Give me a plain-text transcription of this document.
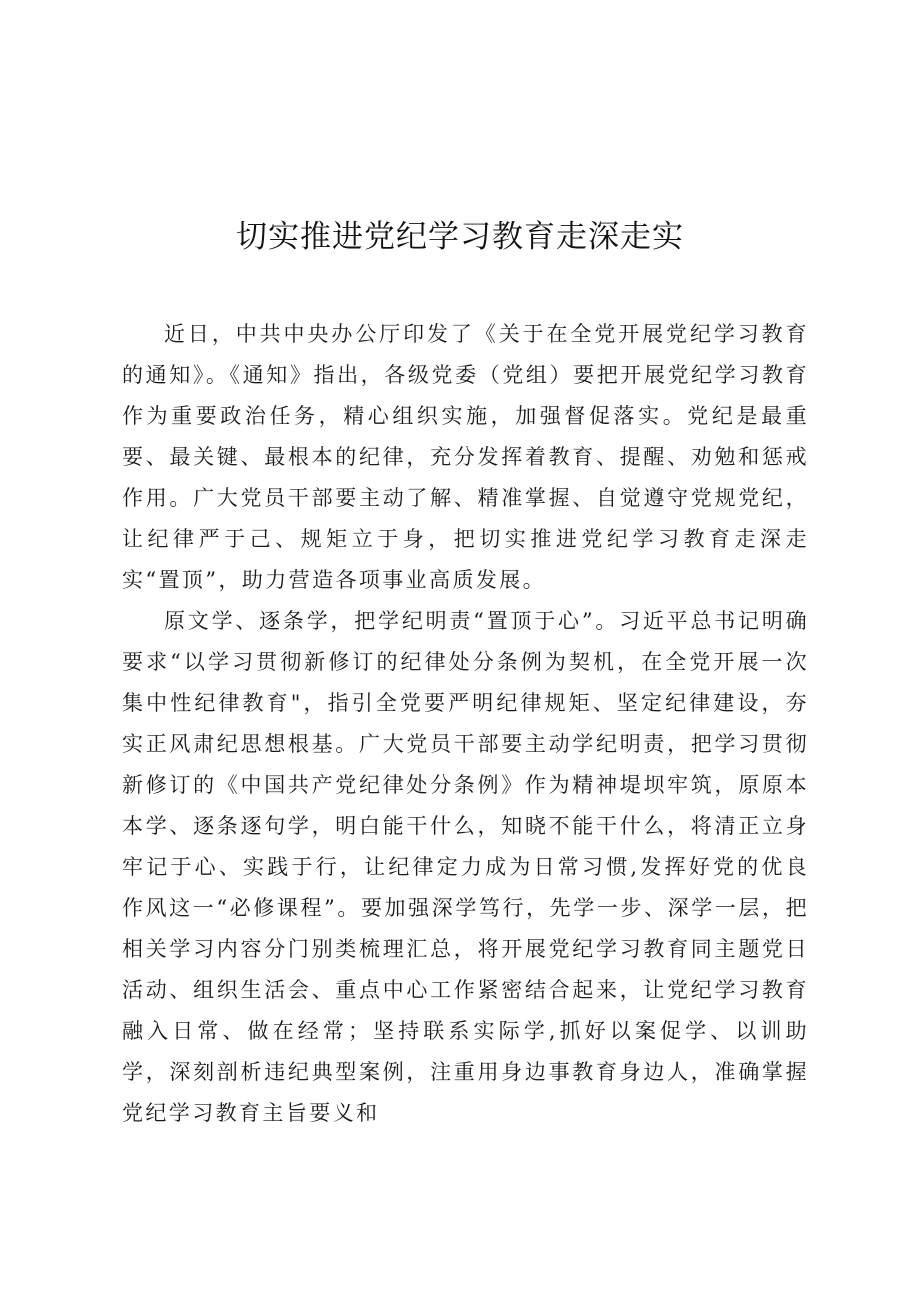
切实推进党纪学习教育走深走实

近日，中共中央办公厅印发了《关于在全党开展党纪学习教育的通知》。《通知》指出，各级党委（党组）要把开展党纪学习教育作为重要政治任务，精心组织实施，加强督促落实。党纪是最重要、最关键、最根本的纪律，充分发挥着教育、提醒、劝勉和惩戒作用。广大党员干部要主动了解、精准掌握、自觉遵守党规党纪，让纪律严于己、规矩立于身，把切实推进党纪学习教育走深走实“置顶”，助力营造各项事业高质发展。

原文学、逐条学，把学纪明责“置顶于心”。习近平总书记明确要求“以学习贯彻新修订的纪律处分条例为契机，在全党开展一次集中性纪律教育"，指引全党要严明纪律规矩、坚定纪律建设，夯实正风肃纪思想根基。广大党员干部要主动学纪明责，把学习贯彻新修订的《中国共产党纪律处分条例》作为精神堤坝牢筑，原原本本学、逐条逐句学，明白能干什么，知晓不能干什么，将清正立身牢记于心、实践于行，让纪律定力成为日常习惯,发挥好党的优良作风这一“必修课程”。要加强深学笃行，先学一步、深学一层，把相关学习内容分门别类梳理汇总，将开展党纪学习教育同主题党日活动、组织生活会、重点中心工作紧密结合起来，让党纪学习教育融入日常、做在经常；坚持联系实际学,抓好以案促学、以训助学，深刻剖析违纪典型案例，注重用身边事教育身边人，准确掌握党纪学习教育主旨要义和
